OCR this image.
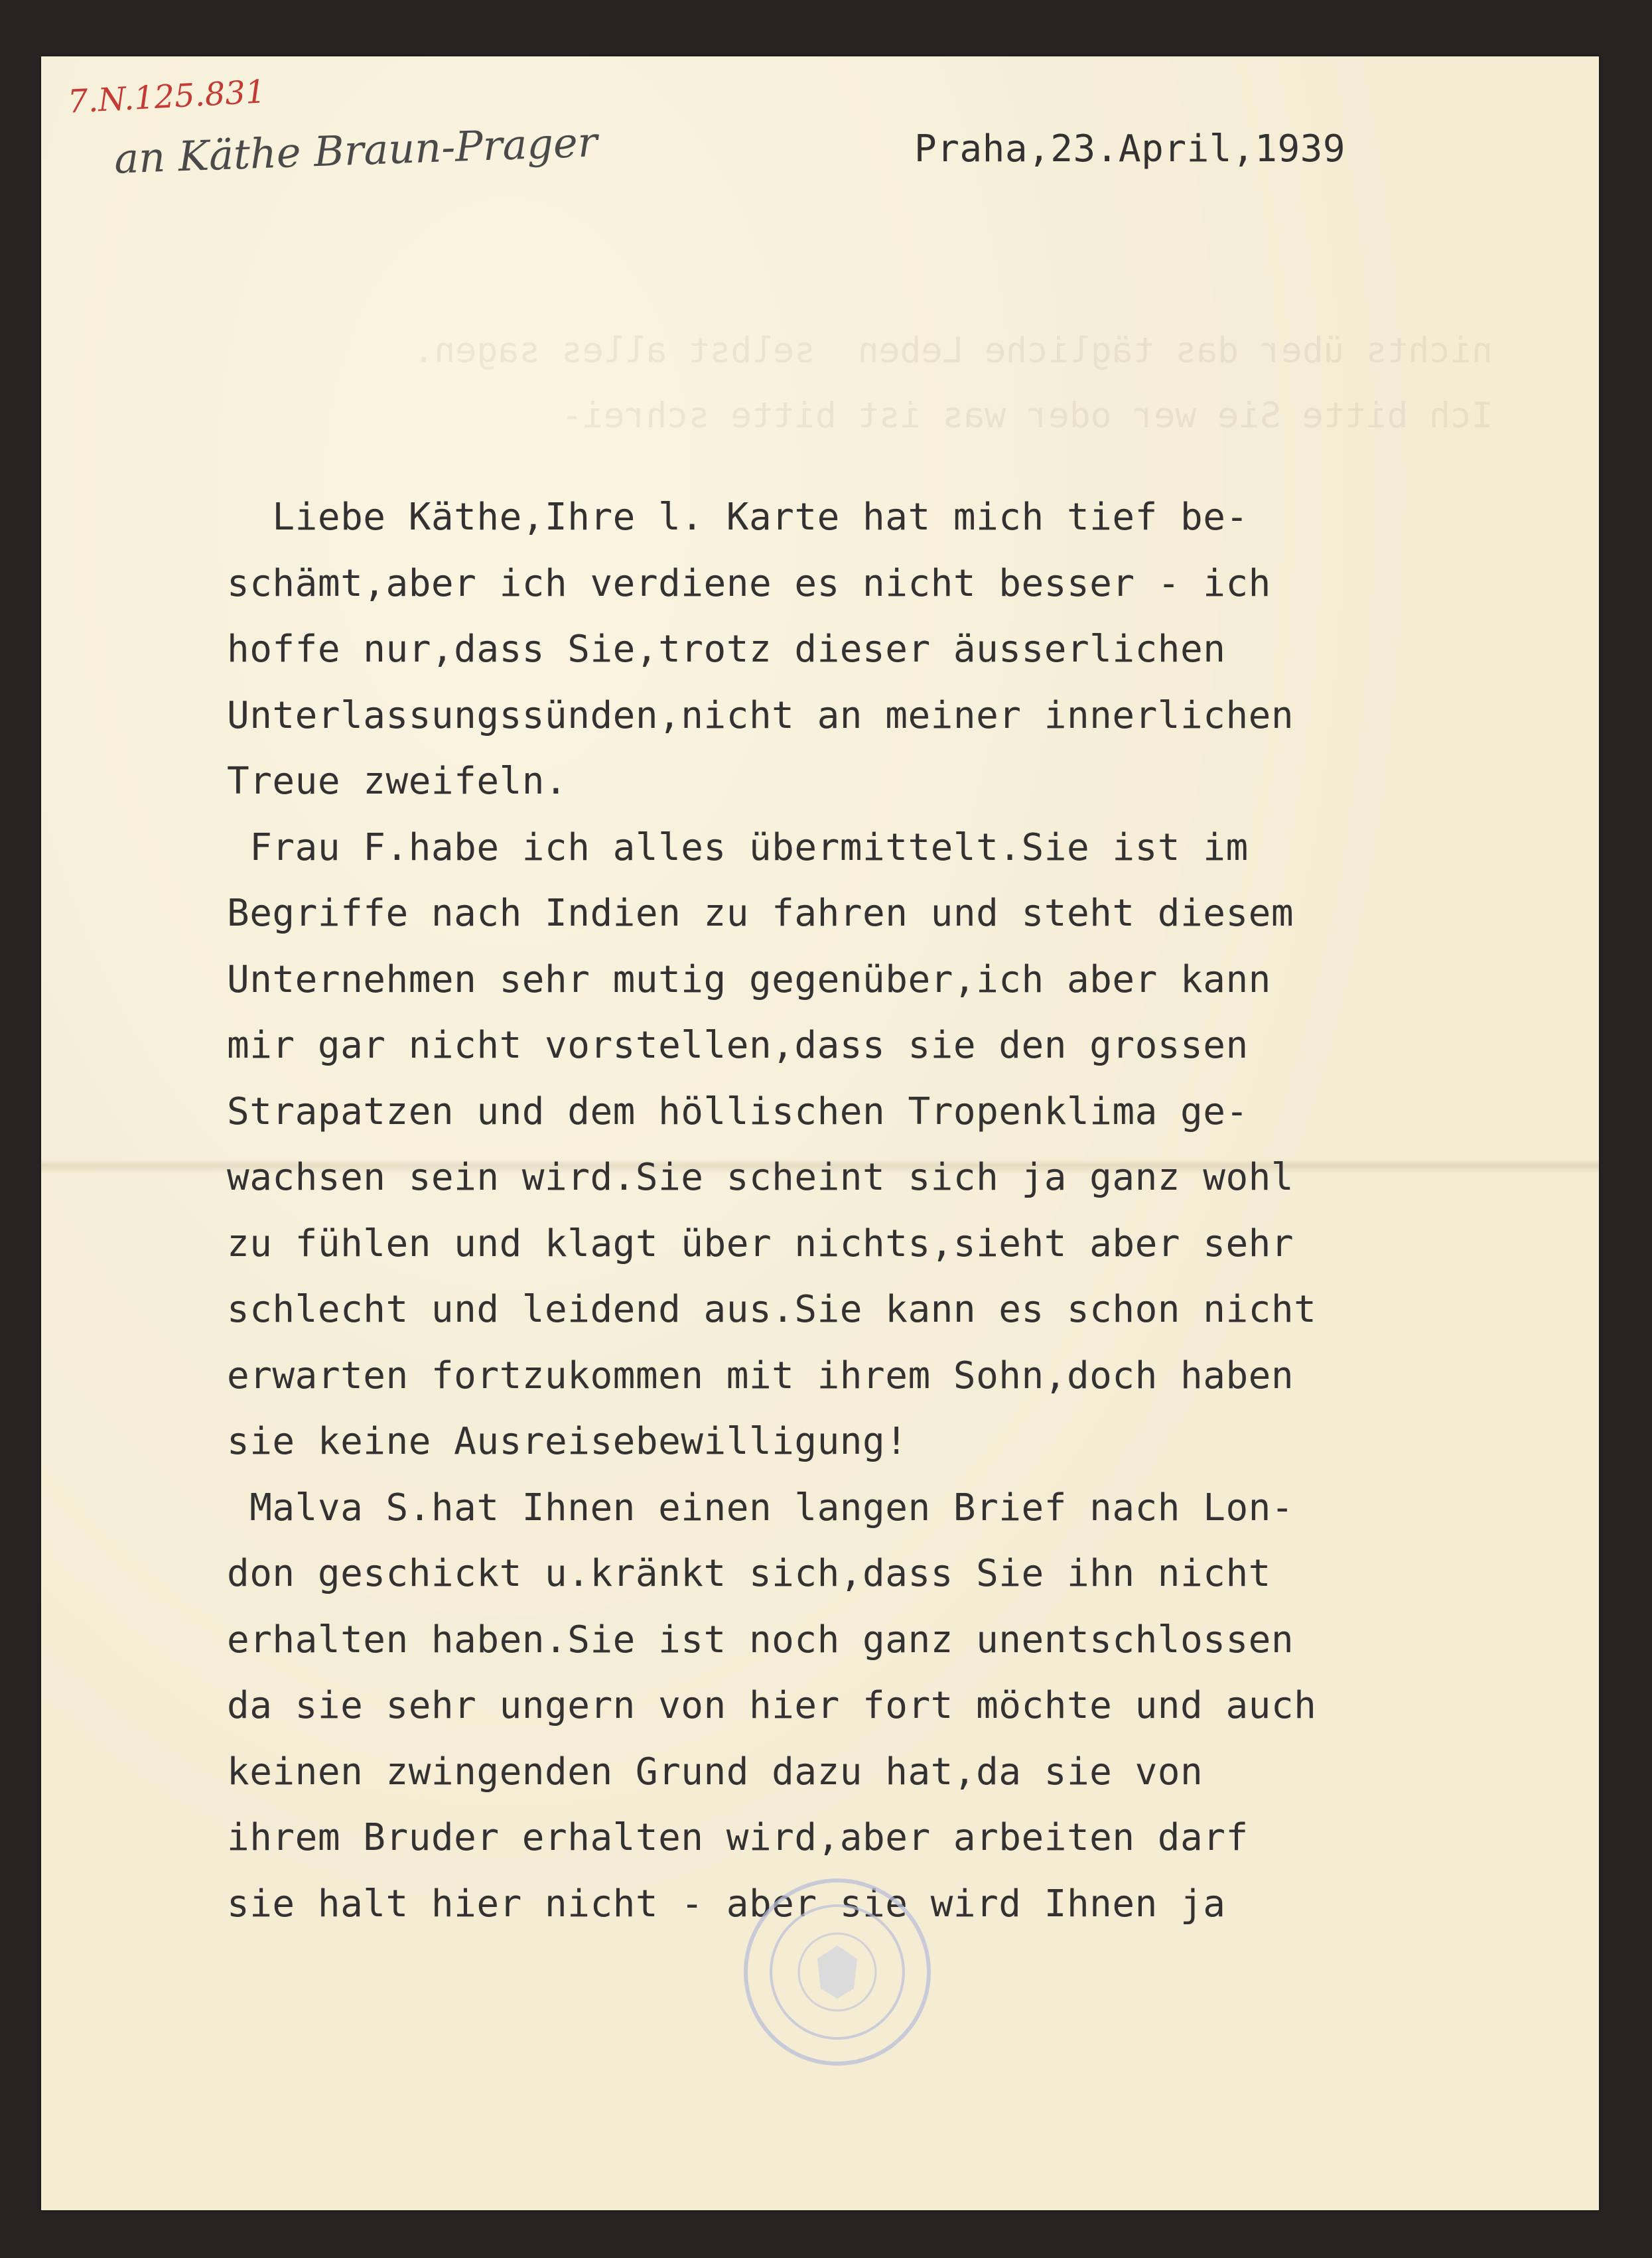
nichts über das tägliche Leben  selbst alles sagen.
Ich bitte Sie wer oder was ist bitte schrei-
7.N.125.831
an Käthe Braun-Prager	Praha,23.April,1939
Liebe Käthe,Ihre l. Karte hat mich tief be-
schämt,aber ich verdiene es nicht besser - ich
hoffe nur,dass Sie,trotz dieser äusserlichen
Unterlassungssünden,nicht an meiner innerlichen
Treue zweifeln.
Frau F.habe ich alles übermittelt.Sie ist im
Begriffe nach Indien zu fahren und steht diesem
Unternehmen sehr mutig gegenüber,ich aber kann
mir gar nicht vorstellen,dass sie den grossen
Strapatzen und dem höllischen Tropenklima ge-
wachsen sein wird.Sie scheint sich ja ganz wohl
zu fühlen und klagt über nichts,sieht aber sehr
schlecht und leidend aus.Sie kann es schon nicht
erwarten fortzukommen mit ihrem Sohn,doch haben
sie keine Ausreisebewilligung!
Malva S.hat Ihnen einen langen Brief nach Lon-
don geschickt u.kränkt sich,dass Sie ihn nicht
erhalten haben.Sie ist noch ganz unentschlossen
da sie sehr ungern von hier fort möchte und auch
keinen zwingenden Grund dazu hat,da sie von
ihrem Bruder erhalten wird,aber arbeiten darf
sie halt hier nicht - aber sie wird Ihnen ja
